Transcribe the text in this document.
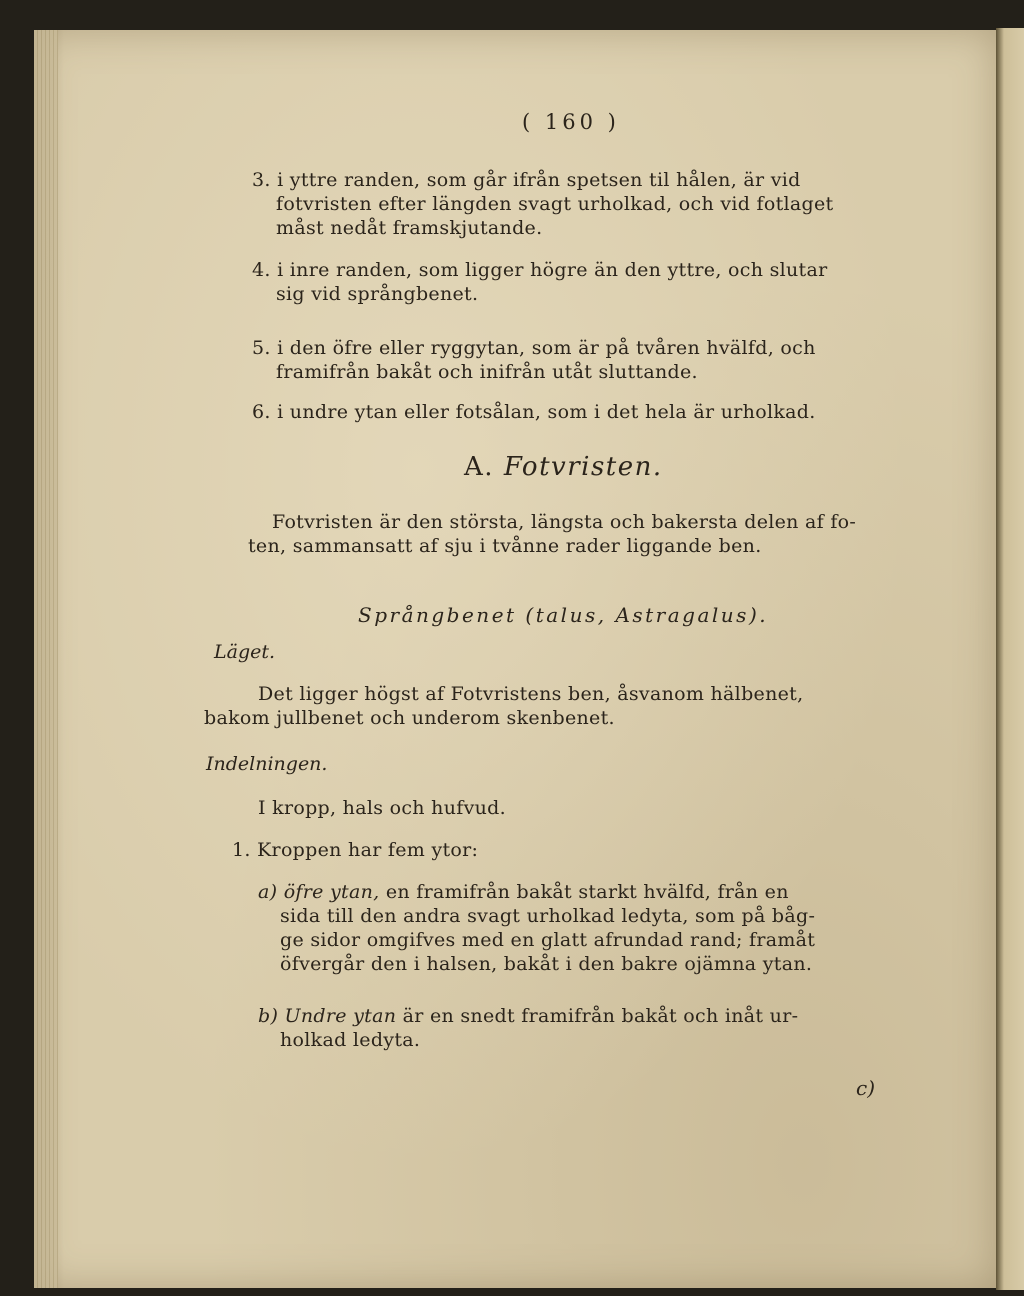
( 160 )
3. i yttre randen, som går ifrån spetsen til hålen, är vid
fotvristen efter längden svagt urholkad, och vid fotlaget
måst nedåt framskjutande.
4. i inre randen, som ligger högre än den yttre, och slutar
sig vid språngbenet.
5. i den öfre eller ryggytan, som är på tvåren hvälfd, och
framifrån bakåt och inifrån utåt sluttande.
6. i undre ytan eller fotsålan, som i det hela är urholkad.
A. Fotvristen.
Fotvristen är den största, längsta och bakersta delen af fo-
ten, sammansatt af sju i tvånne rader liggande ben.
Språngbenet (talus, Astragalus).
Läget.
Det ligger högst af Fotvristens ben, åsvanom hälbenet,
bakom jullbenet och underom skenbenet.
Indelningen.
I kropp, hals och hufvud.
1. Kroppen har fem ytor:
a) öfre ytan, en framifrån bakåt starkt hvälfd, från en
sida till den andra svagt urholkad ledyta, som på båg-
ge sidor omgifves med en glatt afrundad rand; framåt
öfvergår den i halsen, bakåt i den bakre ojämna ytan.
b) Undre ytan är en snedt framifrån bakåt och inåt ur-
holkad ledyta.
c)
